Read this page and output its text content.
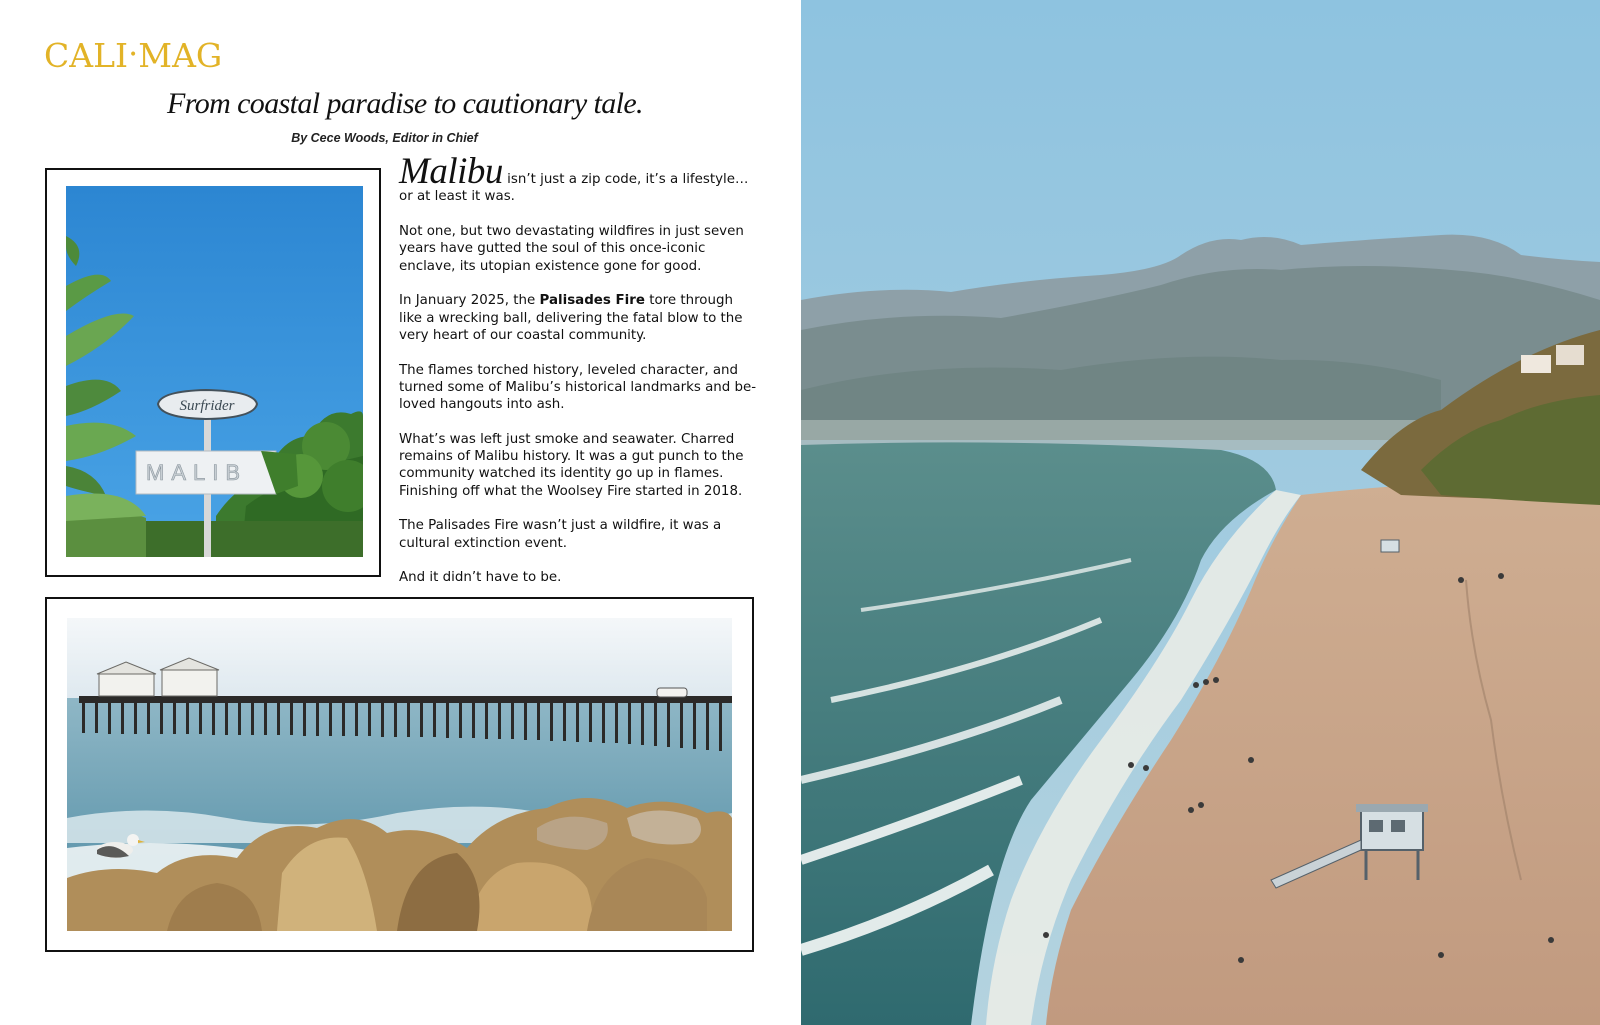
CALI•MAG
From coastal paradise to cautionary tale.
By Cece Woods, Editor in Chief
Surfrider
MALIB

Malibu isn’t just a zip code, it’s a lifestyle…or at least it was.

Not one, but two devastating wildfires in just seven years have gutted the soul of this once-iconic enclave, its utopian existence gone for good.

In January 2025, the Palisades Fire tore through like a wrecking ball, delivering the fatal blow to the very heart of our coastal community.

The flames torched history, leveled character, and turned some of Malibu’s historical landmarks and be-loved hangouts into ash.

What’s was left just smoke and seawater. Charred remains of Malibu history. It was a gut punch to the community watched its identity go up in flames. Finishing off what the Woolsey Fire started in 2018.

The Palisades Fire wasn’t just a wildfire, it was a cultural extinction event.

And it didn’t have to be.
